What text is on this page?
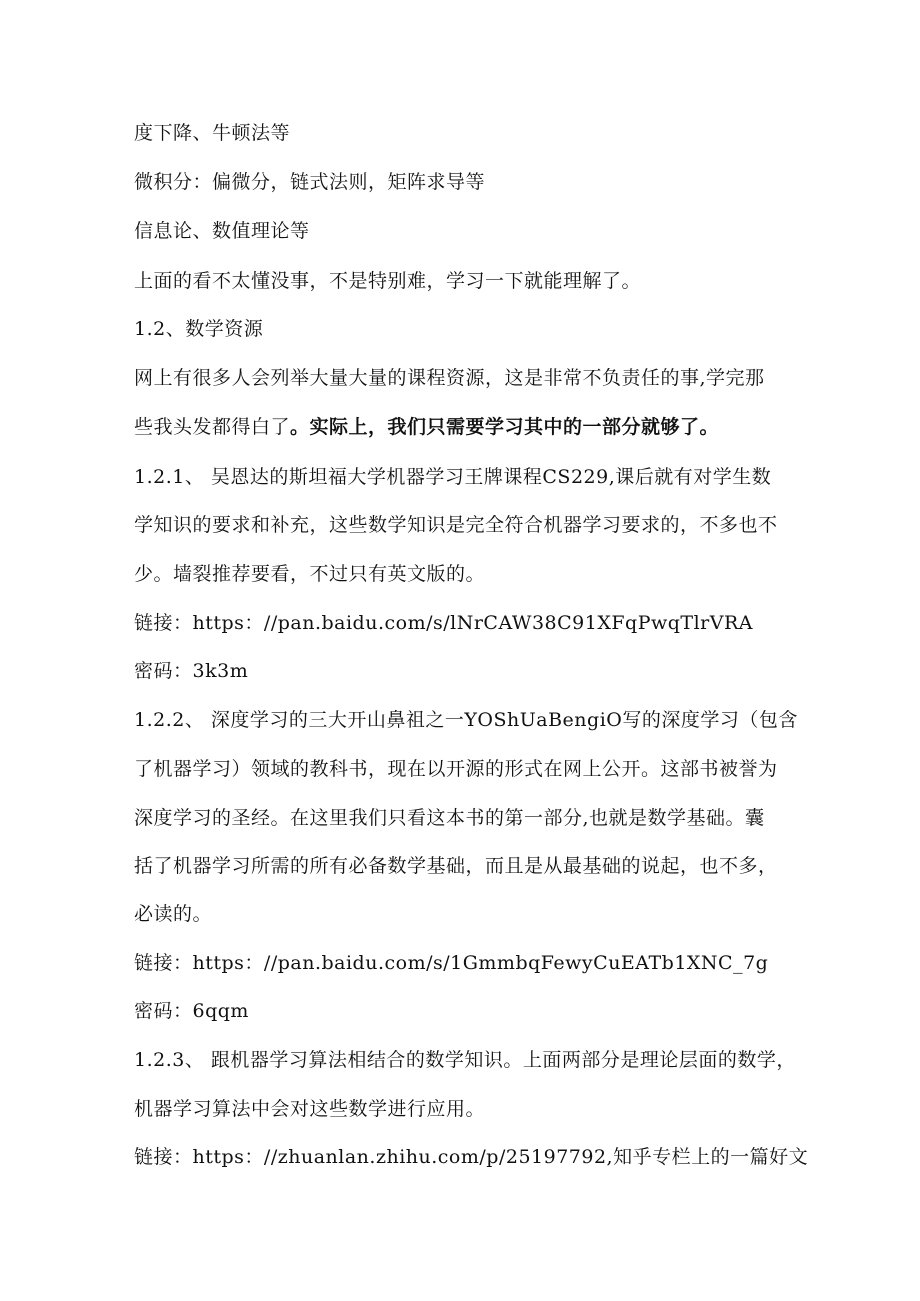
度下降、牛顿法等
微积分：偏微分，链式法则，矩阵求导等
信息论、数值理论等
上面的看不太懂没事，不是特别难，学习一下就能理解了。
1.2、数学资源
网上有很多人会列举大量大量的课程资源，这是非常不负责任的事,学完那
些我头发都得白了。实际上，我们只需要学习其中的一部分就够了。
1.2.1、 吴恩达的斯坦福大学机器学习王牌课程CS229,课后就有对学生数
学知识的要求和补充，这些数学知识是完全符合机器学习要求的，不多也不
少。墙裂推荐要看，不过只有英文版的。
链接：https：//pan.baidu.com/s/lNrCAW38C91XFqPwqTlrVRA
密码：3k3m
1.2.2、 深度学习的三大开山鼻祖之一YOShUaBengiO写的深度学习（包含
了机器学习）领域的教科书，现在以开源的形式在网上公开。这部书被誉为
深度学习的圣经。在这里我们只看这本书的第一部分,也就是数学基础。囊
括了机器学习所需的所有必备数学基础，而且是从最基础的说起，也不多，
必读的。
链接：https：//pan.baidu.com/s/1GmmbqFewyCuEATb1XNC_7g
密码：6qqm
1.2.3、 跟机器学习算法相结合的数学知识。上面两部分是理论层面的数学，
机器学习算法中会对这些数学进行应用。
链接：https：//zhuanlan.zhihu.com/p/25197792,知乎专栏上的一篇好文
